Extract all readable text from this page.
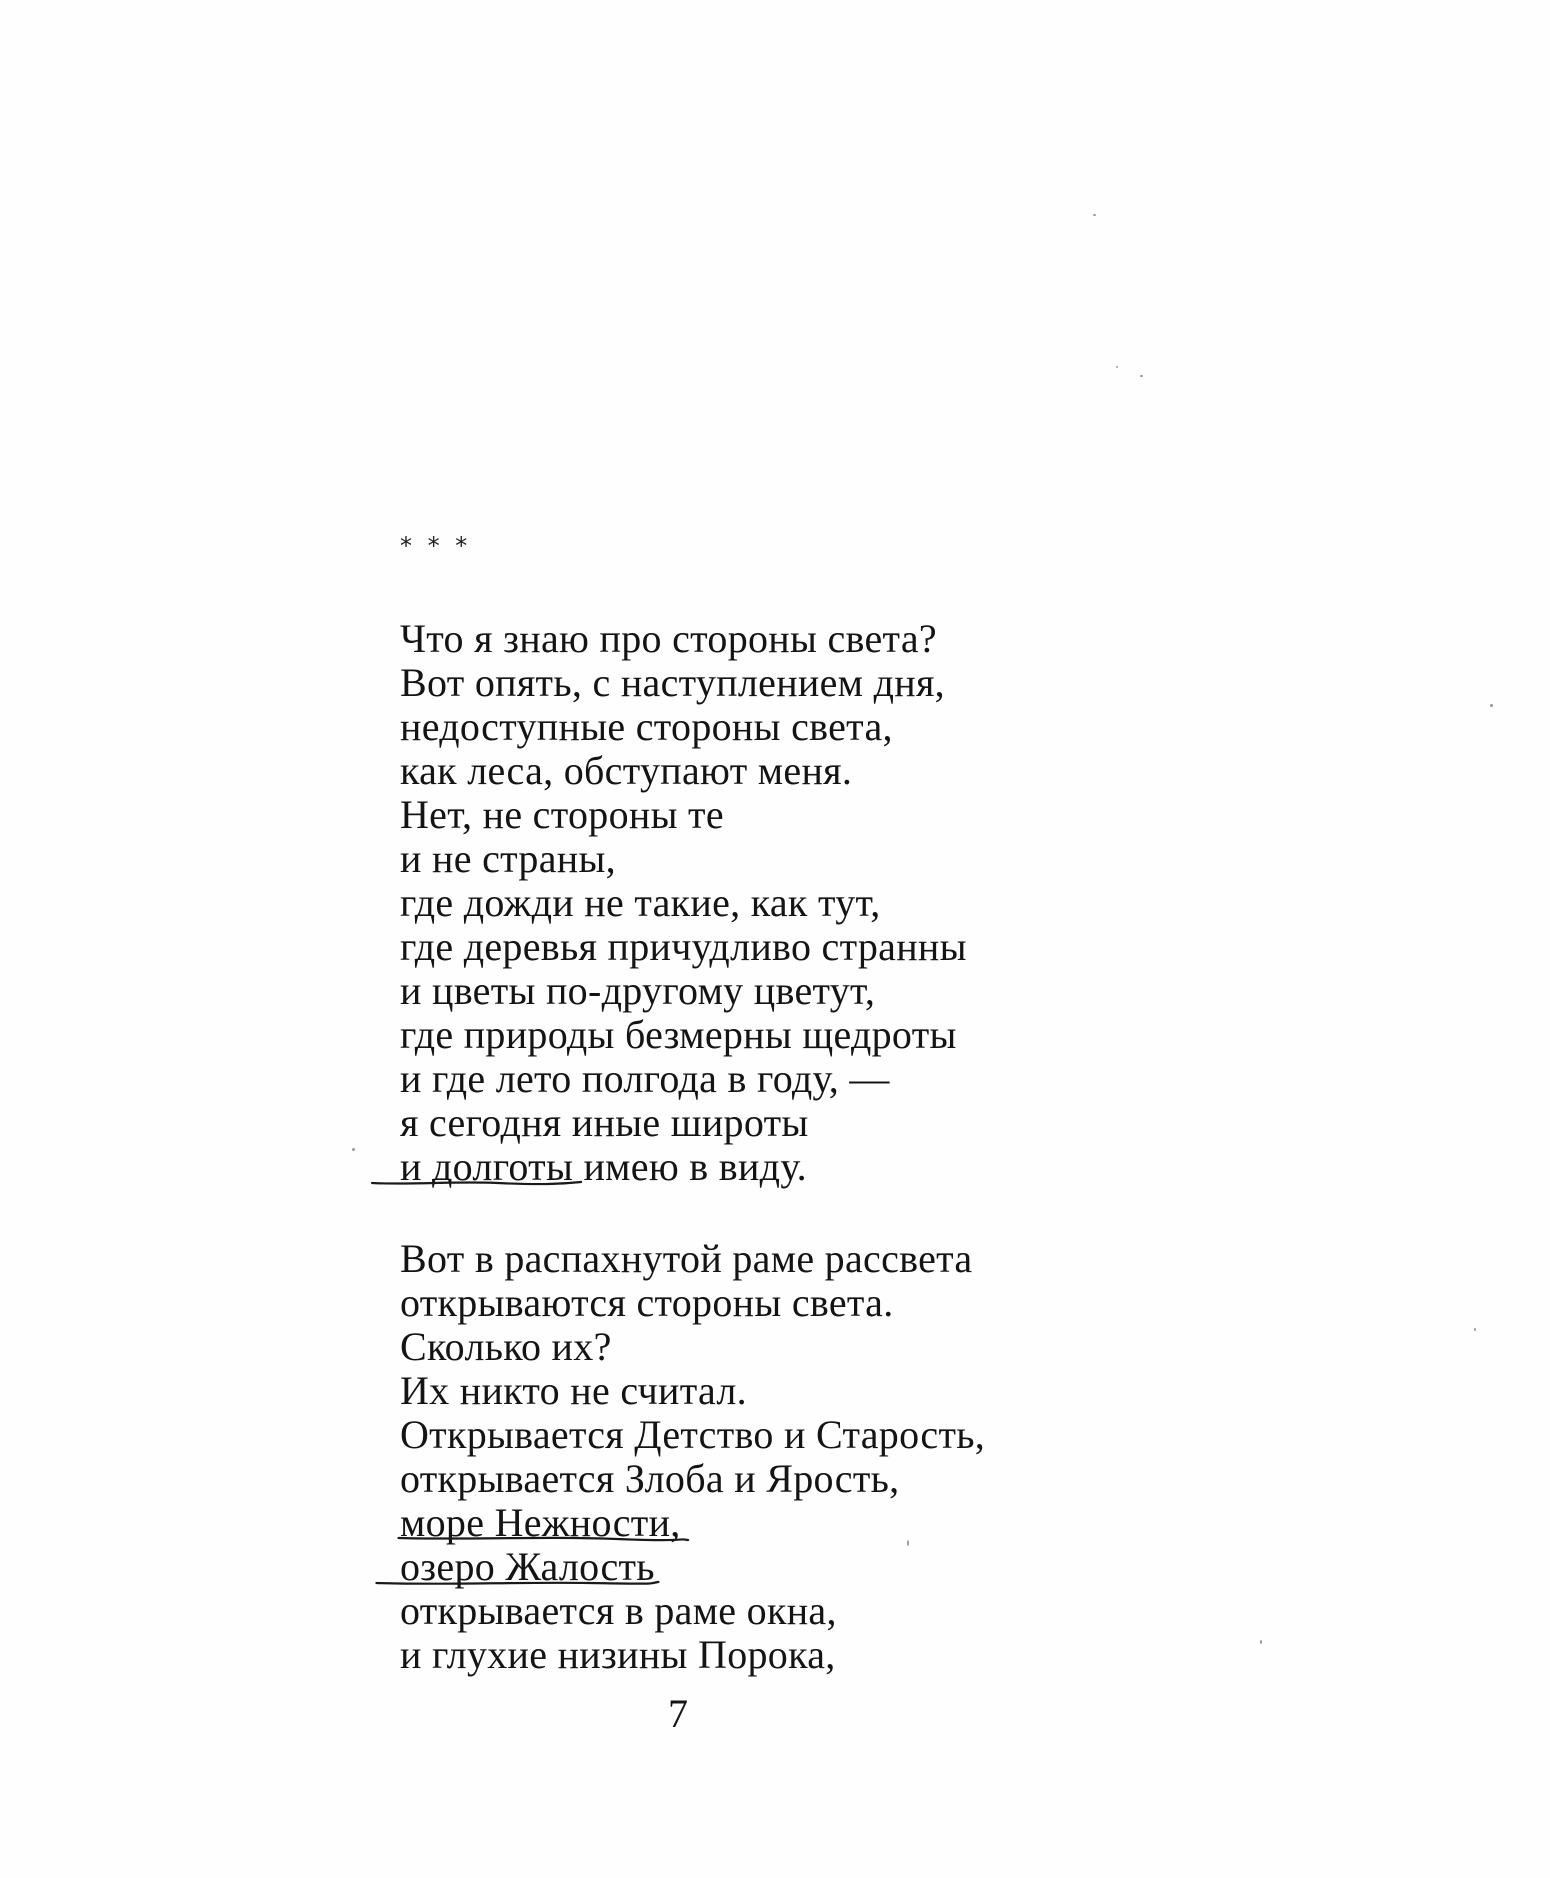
* * *
Что я знаю про стороны света?
Вот опять, с наступлением дня,
недоступные стороны света,
как леса, обступают меня.
Нет, не стороны те
и не страны,
где дожди не такие, как тут,
где деревья причудливо странны
и цветы по-другому цветут,
где природы безмерны щедроты
и где лето полгода в году, —
я сегодня иные широты
и долготы
имею в виду.
Вот в распахнутой раме рассвета
открываются стороны света.
Сколько их?
Их никто не считал.
Открывается Детство и Старость,
открывается Злоба и Ярость,
море Нежности,
озеро Жалость
открывается в раме окна,
и глухие низины Порока,
7
